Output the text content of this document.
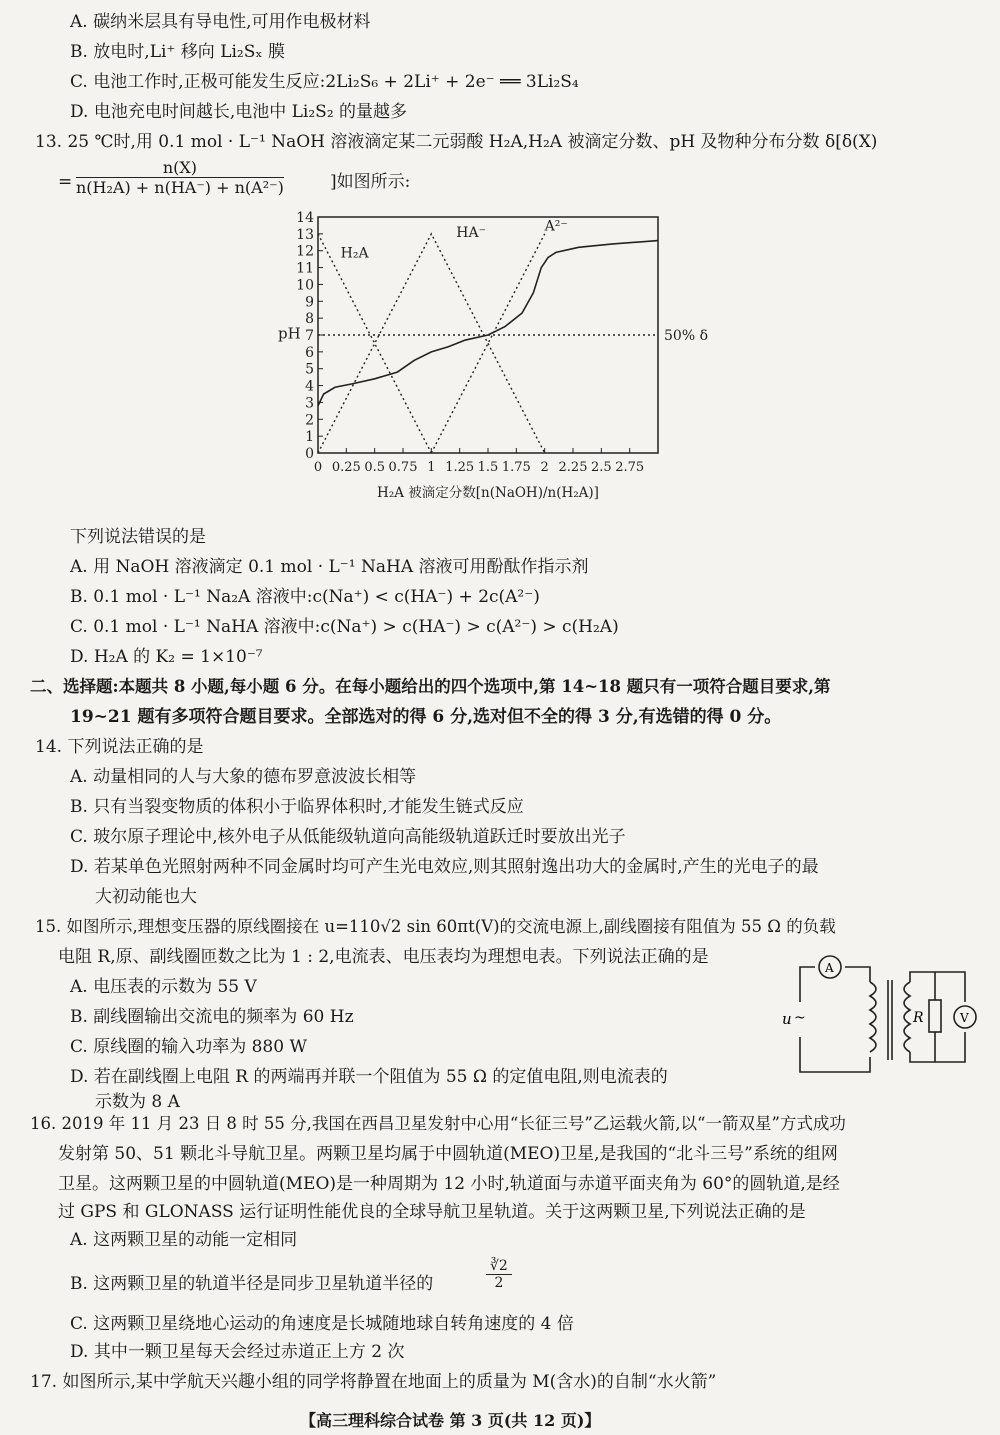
A. 碳纳米层具有导电性,可用作电极材料
B. 放电时,Li⁺ 移向 Li₂Sₓ 膜
C. 电池工作时,正极可能发生反应:2Li₂S₆ + 2Li⁺ + 2e⁻ ══ 3Li₂S₄
D. 电池充电时间越长,电池中 Li₂S₂ 的量越多
13. 25 ℃时,用 0.1 mol · L⁻¹ NaOH 溶液滴定某二元弱酸 H₂A,H₂A 被滴定分数、pH 及物种分布分数 δ[δ(X)
= $\frac{n(X)}{\text{n(H₂A) + n(HA⁻) + n(A²⁻)}}$	]如图所示:
0
1
2
3
4
5
6
7
8
9
10
11
12
13
14
0 0.25 0.5 0.75 1 1.25 1.5 1.75 2 2.25 2.5 2.75
H₂A
HA⁻	A²⁻
50% δ
pH
H₂A 被滴定分数[n(NaOH)/n(H₂A)]
下列说法错误的是
A. 用 NaOH 溶液滴定 0.1 mol · L⁻¹ NaHA 溶液可用酚酞作指示剂
B. 0.1 mol · L⁻¹ Na₂A 溶液中:c(Na⁺) < c(HA⁻) + 2c(A²⁻)
C. 0.1 mol · L⁻¹ NaHA 溶液中:c(Na⁺) > c(HA⁻) > c(A²⁻) > c(H₂A)
D. H₂A 的 K₂ = 1×10⁻⁷
二、选择题:本题共 8 小题,每小题 6 分。在每小题给出的四个选项中,第 14~18 题只有一项符合题目要求,第
19~21 题有多项符合题目要求。全部选对的得 6 分,选对但不全的得 3 分,有选错的得 0 分。
14. 下列说法正确的是
A. 动量相同的人与大象的德布罗意波波长相等
B. 只有当裂变物质的体积小于临界体积时,才能发生链式反应
C. 玻尔原子理论中,核外电子从低能级轨道向高能级轨道跃迁时要放出光子
D. 若某单色光照射两种不同金属时均可产生光电效应,则其照射逸出功大的金属时,产生的光电子的最
大初动能也大
15. 如图所示,理想变压器的原线圈接在 u=110√2 sin 60πt(V)的交流电源上,副线圈接有阻值为 55 Ω 的负载
电阻 R,原、副线圈匝数之比为 1 : 2,电流表、电压表均为理想电表。下列说法正确的是
A. 电压表的示数为 55 V
B. 副线圈输出交流电的频率为 60 Hz
C. 原线圈的输入功率为 880 W
D. 若在副线圈上电阻 R 的两端再并联一个阻值为 55 Ω 的定值电阻,则电流表的
示数为 8 A
A
V
R
u ~
16. 2019 年 11 月 23 日 8 时 55 分,我国在西昌卫星发射中心用“长征三号”乙运载火箭,以“一箭双星”方式成功
发射第 50、51 颗北斗导航卫星。两颗卫星均属于中圆轨道(MEO)卫星,是我国的“北斗三号”系统的组网
卫星。这两颗卫星的中圆轨道(MEO)是一种周期为 12 小时,轨道面与赤道平面夹角为 60°的圆轨道,是经
过 GPS 和 GLONASS 运行证明性能优良的全球导航卫星轨道。关于这两颗卫星,下列说法正确的是
A. 这两颗卫星的动能一定相同
B. 这两颗卫星的轨道半径是同步卫星轨道半径的	$\frac{∛2}{2}$
C. 这两颗卫星绕地心运动的角速度是长城随地球自转角速度的 4 倍
D. 其中一颗卫星每天会经过赤道正上方 2 次
17. 如图所示,某中学航天兴趣小组的同学将静置在地面上的质量为 M(含水)的自制“水火箭”
【高三理科综合试卷 第 3 页(共 12 页)】
